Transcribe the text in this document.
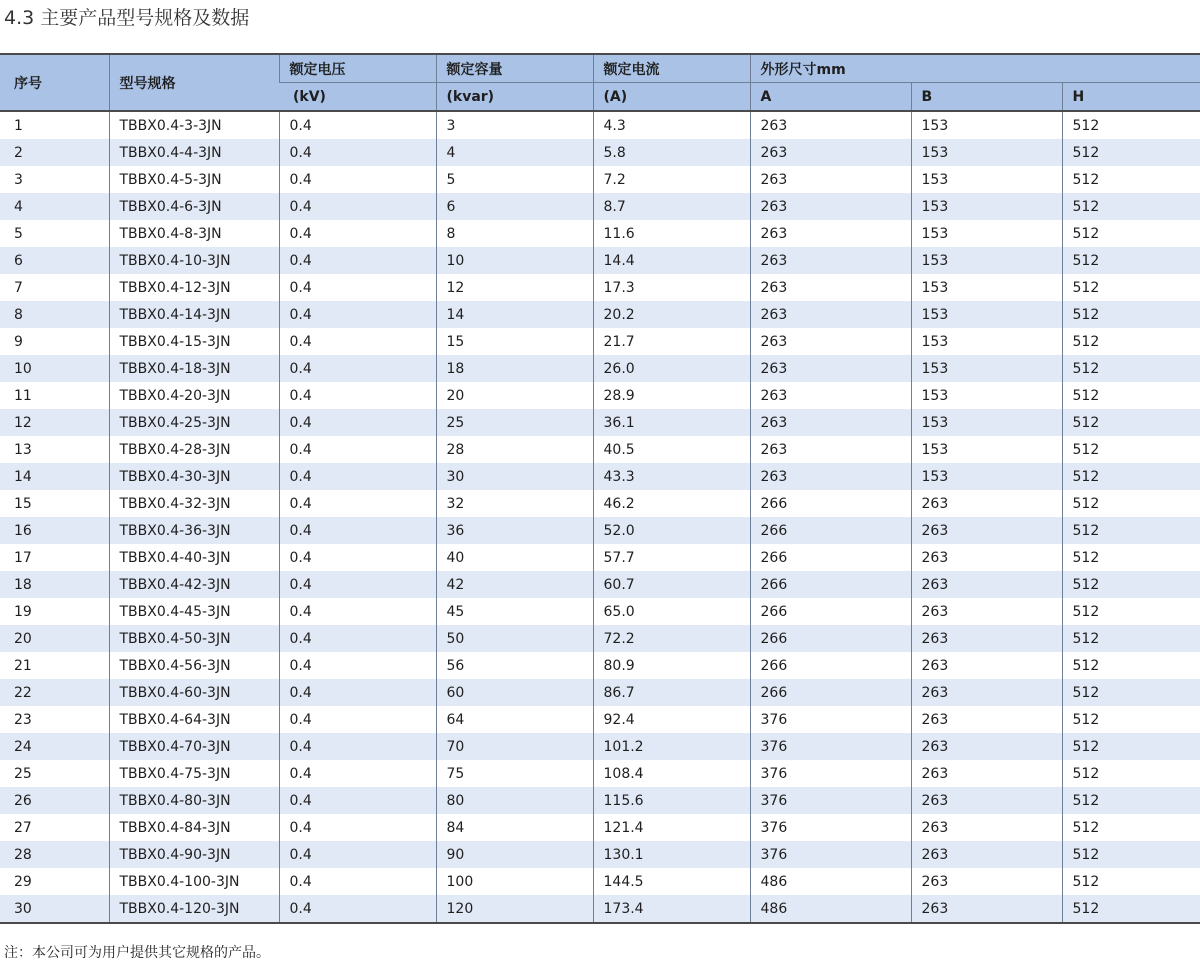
4.3 主要产品型号规格及数据
序号	型号规格	额定电压	额定容量	额定电流	外形尺寸mm		
		(kV)	(kvar)	(A)	A	B	H
1	TBBX0.4-3-3JN	0.4	3	4.3	263	153	512
2	TBBX0.4-4-3JN	0.4	4	5.8	263	153	512
3	TBBX0.4-5-3JN	0.4	5	7.2	263	153	512
4	TBBX0.4-6-3JN	0.4	6	8.7	263	153	512
5	TBBX0.4-8-3JN	0.4	8	11.6	263	153	512
6	TBBX0.4-10-3JN	0.4	10	14.4	263	153	512
7	TBBX0.4-12-3JN	0.4	12	17.3	263	153	512
8	TBBX0.4-14-3JN	0.4	14	20.2	263	153	512
9	TBBX0.4-15-3JN	0.4	15	21.7	263	153	512
10	TBBX0.4-18-3JN	0.4	18	26.0	263	153	512
11	TBBX0.4-20-3JN	0.4	20	28.9	263	153	512
12	TBBX0.4-25-3JN	0.4	25	36.1	263	153	512
13	TBBX0.4-28-3JN	0.4	28	40.5	263	153	512
14	TBBX0.4-30-3JN	0.4	30	43.3	263	153	512
15	TBBX0.4-32-3JN	0.4	32	46.2	266	263	512
16	TBBX0.4-36-3JN	0.4	36	52.0	266	263	512
17	TBBX0.4-40-3JN	0.4	40	57.7	266	263	512
18	TBBX0.4-42-3JN	0.4	42	60.7	266	263	512
19	TBBX0.4-45-3JN	0.4	45	65.0	266	263	512
20	TBBX0.4-50-3JN	0.4	50	72.2	266	263	512
21	TBBX0.4-56-3JN	0.4	56	80.9	266	263	512
22	TBBX0.4-60-3JN	0.4	60	86.7	266	263	512
23	TBBX0.4-64-3JN	0.4	64	92.4	376	263	512
24	TBBX0.4-70-3JN	0.4	70	101.2	376	263	512
25	TBBX0.4-75-3JN	0.4	75	108.4	376	263	512
26	TBBX0.4-80-3JN	0.4	80	115.6	376	263	512
27	TBBX0.4-84-3JN	0.4	84	121.4	376	263	512
28	TBBX0.4-90-3JN	0.4	90	130.1	376	263	512
29	TBBX0.4-100-3JN	0.4	100	144.5	486	263	512
30	TBBX0.4-120-3JN	0.4	120	173.4	486	263	512
注：本公司可为用户提供其它规格的产品。
